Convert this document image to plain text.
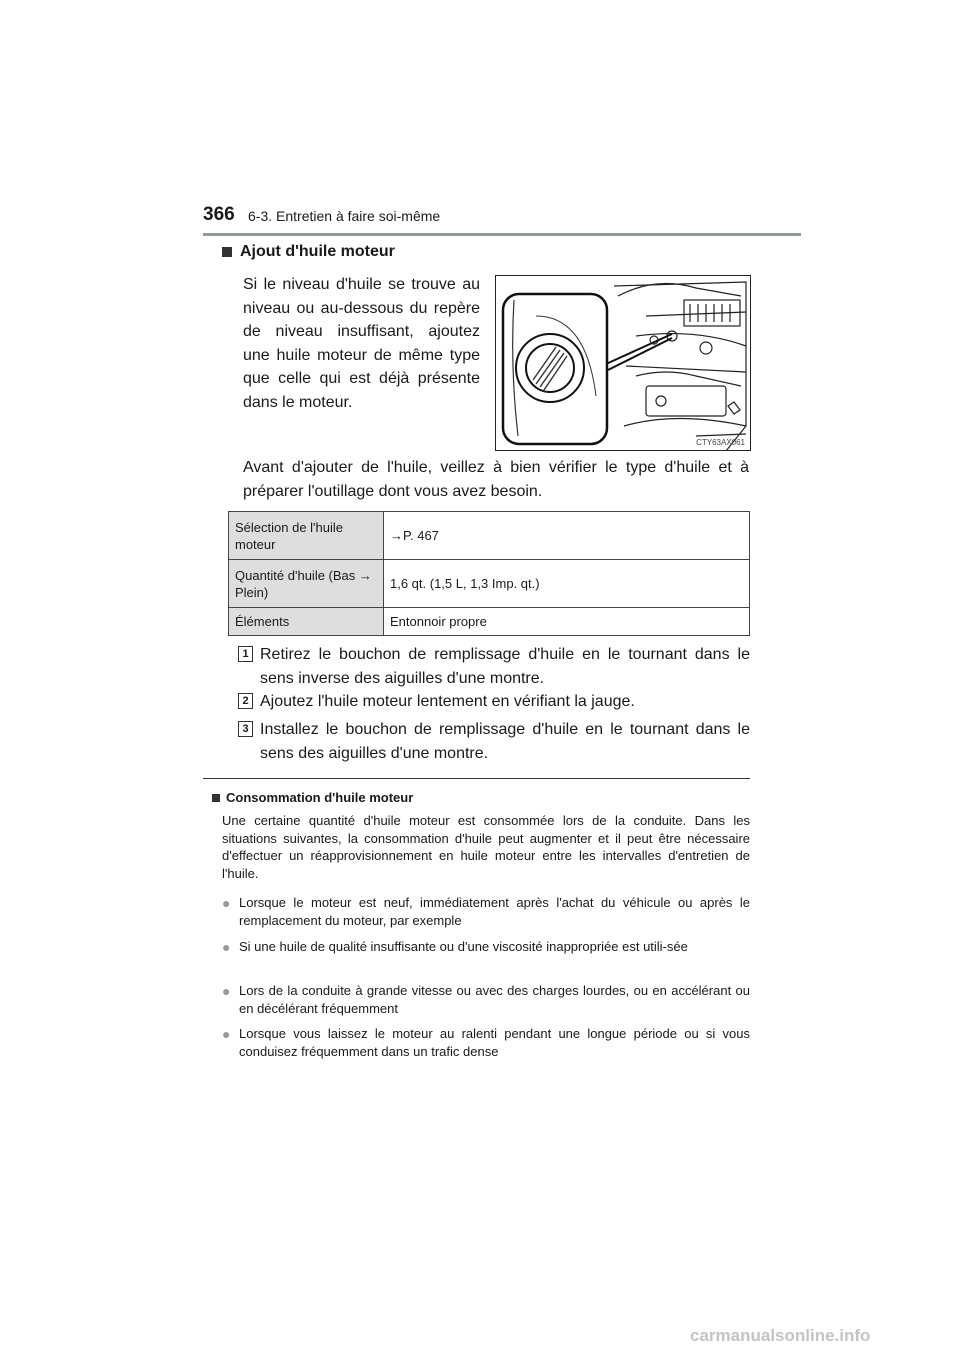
366 6-3. Entretien à faire soi-même
Ajout d'huile moteur
Si le niveau d'huile se trouve au niveau ou au-dessous du repère de niveau insuffisant, ajoutez une huile moteur de même type que celle qui est déjà présente dans le moteur.
CTY63AX061
Avant d'ajouter de l'huile, veillez à bien vérifier le type d'huile et à préparer l'outillage dont vous avez besoin.
Sélection de l'huile moteur	→P. 467
Quantité d'huile (Bas → Plein)	1,6 qt. (1,5 L, 1,3 Imp. qt.)
Éléments	Entonnoir propre
1 Retirez le bouchon de remplissage d'huile en le tournant dans le sens inverse des aiguilles d'une montre.
2 Ajoutez l'huile moteur lentement en vérifiant la jauge.
3 Installez le bouchon de remplissage d'huile en le tournant dans le sens des aiguilles d'une montre.
Consommation d'huile moteur
Une certaine quantité d'huile moteur est consommée lors de la conduite. Dans les situations suivantes, la consommation d'huile peut augmenter et il peut être nécessaire d'effectuer un réapprovisionnement en huile moteur entre les intervalles d'entretien de l'huile.
● Lorsque le moteur est neuf, immédiatement après l'achat du véhicule ou après le remplacement du moteur, par exemple
● Si une huile de qualité insuffisante ou d'une viscosité inappropriée est utili-sée
● Lors de la conduite à grande vitesse ou avec des charges lourdes, ou en accélérant ou en décélérant fréquemment
● Lorsque vous laissez le moteur au ralenti pendant une longue période ou si vous conduisez fréquemment dans un trafic dense
carmanualsonline.info
